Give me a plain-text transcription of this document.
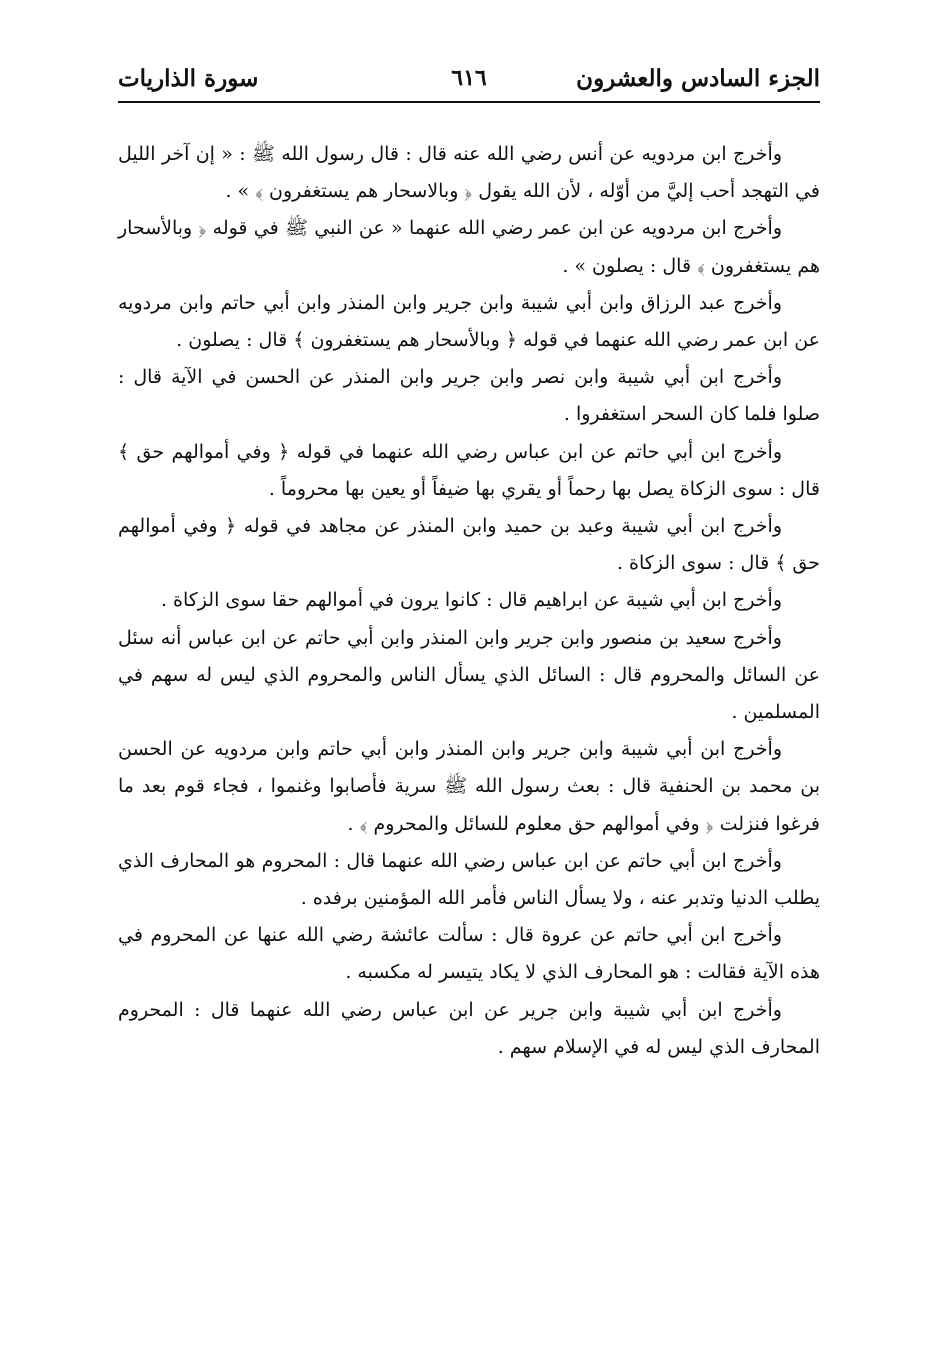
الجزء السادس والعشرون
٦١٦
سورة الذاريات

وأخرج ابن مردويه عن أنس رضي الله عنه قال : قال رسول الله ﷺ : « إن آخر الليل في التهجد أحب إليَّ من أوّله ، لأن الله يقول ﴿ وبالاسحار هم يستغفرون ﴾ » .

وأخرج ابن مردويه عن ابن عمر رضي الله عنهما « عن النبي ﷺ في قوله ﴿ وبالأسحار هم يستغفرون ﴾ قال : يصلون » .

وأخرج عبد الرزاق وابن أبي شيبة وابن جرير وابن المنذر وابن أبي حاتم وابن مردويه عن ابن عمر رضي الله عنهما في قوله ﴿ وبالأسحار هم يستغفرون ﴾ قال : يصلون .

وأخرج ابن أبي شيبة وابن نصر وابن جرير وابن المنذر عن الحسن في الآية قال : صلوا فلما كان السحر استغفروا .

وأخرج ابن أبي حاتم عن ابن عباس رضي الله عنهما في قوله ﴿ وفي أموالهم حق ﴾ قال : سوى الزكاة يصل بها رحماً أو يقري بها ضيفاً أو يعين بها محروماً .

وأخرج ابن أبي شيبة وعبد بن حميد وابن المنذر عن مجاهد في قوله ﴿ وفي أموالهم حق ﴾ قال : سوى الزكاة .

وأخرج ابن أبي شيبة عن ابراهيم قال : كانوا يرون في أموالهم حقا سوى الزكاة .

وأخرج سعيد بن منصور وابن جرير وابن المنذر وابن أبي حاتم عن ابن عباس أنه سئل عن السائل والمحروم قال : السائل الذي يسأل الناس والمحروم الذي ليس له سهم في المسلمين .

وأخرج ابن أبي شيبة وابن جرير وابن المنذر وابن أبي حاتم وابن مردويه عن الحسن بن محمد بن الحنفية قال : بعث رسول الله ﷺ سرية فأصابوا وغنموا ، فجاء قوم بعد ما فرغوا فنزلت ﴿ وفي أموالهم حق معلوم للسائل والمحروم ﴾ .

وأخرج ابن أبي حاتم عن ابن عباس رضي الله عنهما قال : المحروم هو المحارف الذي يطلب الدنيا وتدبر عنه ، ولا يسأل الناس فأمر الله المؤمنين برفده .

وأخرج ابن أبي حاتم عن عروة قال : سألت عائشة رضي الله عنها عن المحروم في هذه الآية فقالت : هو المحارف الذي لا يكاد يتيسر له مكسبه .

وأخرج ابن أبي شيبة وابن جرير عن ابن عباس رضي الله عنهما قال : المحروم المحارف الذي ليس له في الإسلام سهم .
